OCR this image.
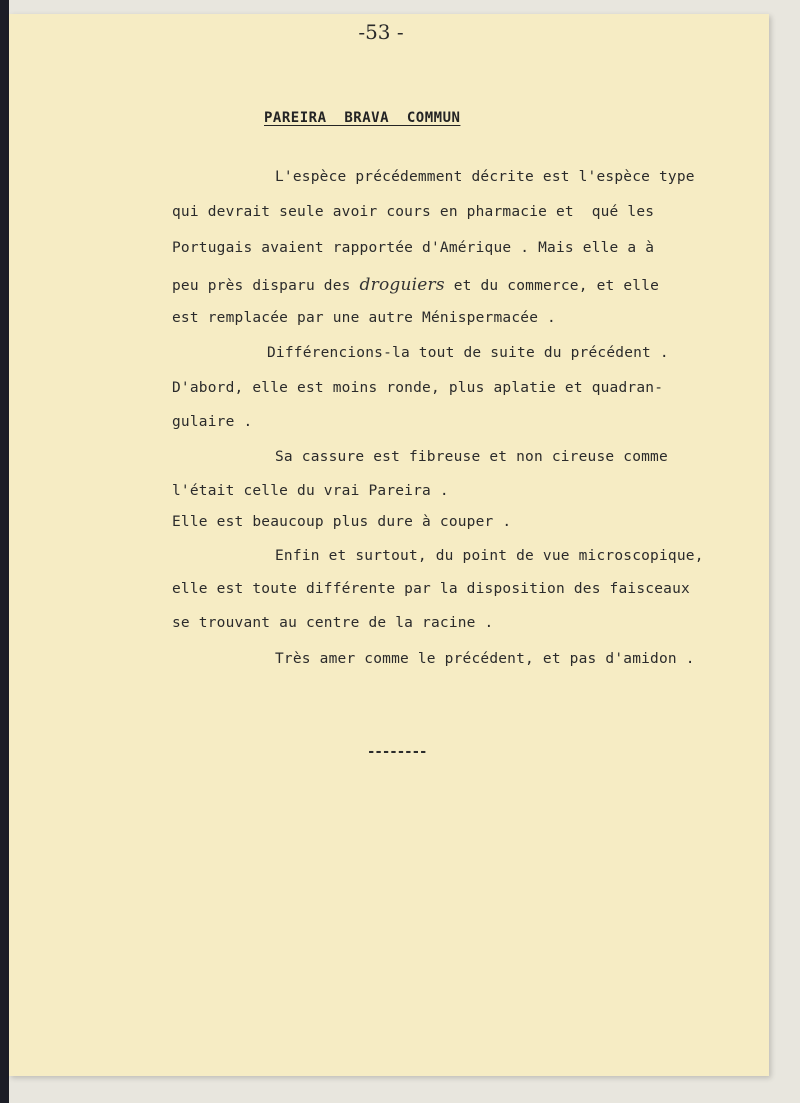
-53 -
PAREIRA  BRAVA  COMMUN
L'espèce précédemment décrite est l'espèce type
qui devrait seule avoir cours en pharmacie et  qué les
Portugais avaient rapportée d'Amérique . Mais elle a à
peu près disparu des droguiers et du commerce, et elle
est remplacée par une autre Ménispermacée .
Différencions-la tout de suite du précédent .
D'abord, elle est moins ronde, plus aplatie et quadran-
gulaire .
Sa cassure est fibreuse et non cireuse comme
l'était celle du vrai Pareira .
Elle est beaucoup plus dure à couper .
Enfin et surtout, du point de vue microscopique,
elle est toute différente par la disposition des faisceaux
se trouvant au centre de la racine .
Très amer comme le précédent, et pas d'amidon .
--------
